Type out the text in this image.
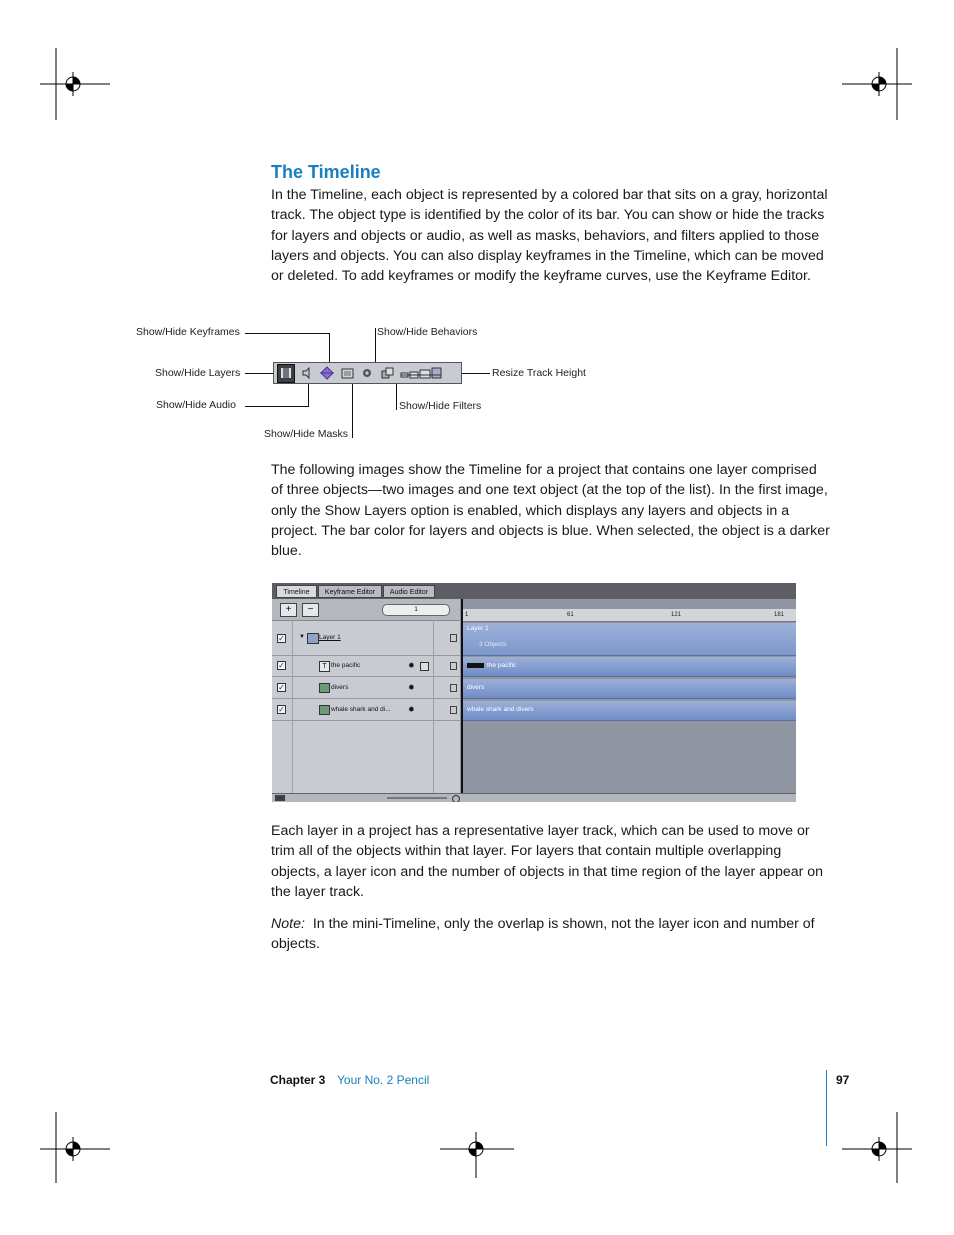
The Timeline

In the Timeline, each object is represented by a colored bar that sits on a gray, horizontal track. The object type is identified by the color of its bar. You can show or hide the tracks for layers and objects or audio, as well as masks, behaviors, and filters applied to those layers and objects. You can also display keyframes in the Timeline, which can be moved or deleted. To add keyframes or modify the keyframe curves, use the Keyframe Editor.

Show/Hide Keyframes	Show/Hide Behaviors
Show/Hide Layers	Resize Track Height
Show/Hide Audio	Show/Hide Filters
Show/Hide Masks

The following images show the Timeline for a project that contains one layer comprised of three objects—two images and one text object (at the top of the list). In the first image, only the Show Layers option is enabled, which displays any layers and objects in a project. The bar color for layers and objects is blue. When selected, the object is a darker blue.

Timeline	Keyframe Editor	Audio Editor
+	−	1
✓ ▼ Layer 1
✓	T the pacific	✹
✓	divers	✹
✓	whale shark and di... ✹
1	61	121	181
Layer 1
3 Objects
the pacific
divers
whale shark and divers

Each layer in a project has a representative layer track, which can be used to move or trim all of the objects within that layer. For layers that contain multiple overlapping objects, a layer icon and the number of objects in that time region of the layer appear on the layer track.

Note: In the mini-Timeline, only the overlap is shown, not the layer icon and number of objects.

Chapter 3 Your No. 2 Pencil	97
